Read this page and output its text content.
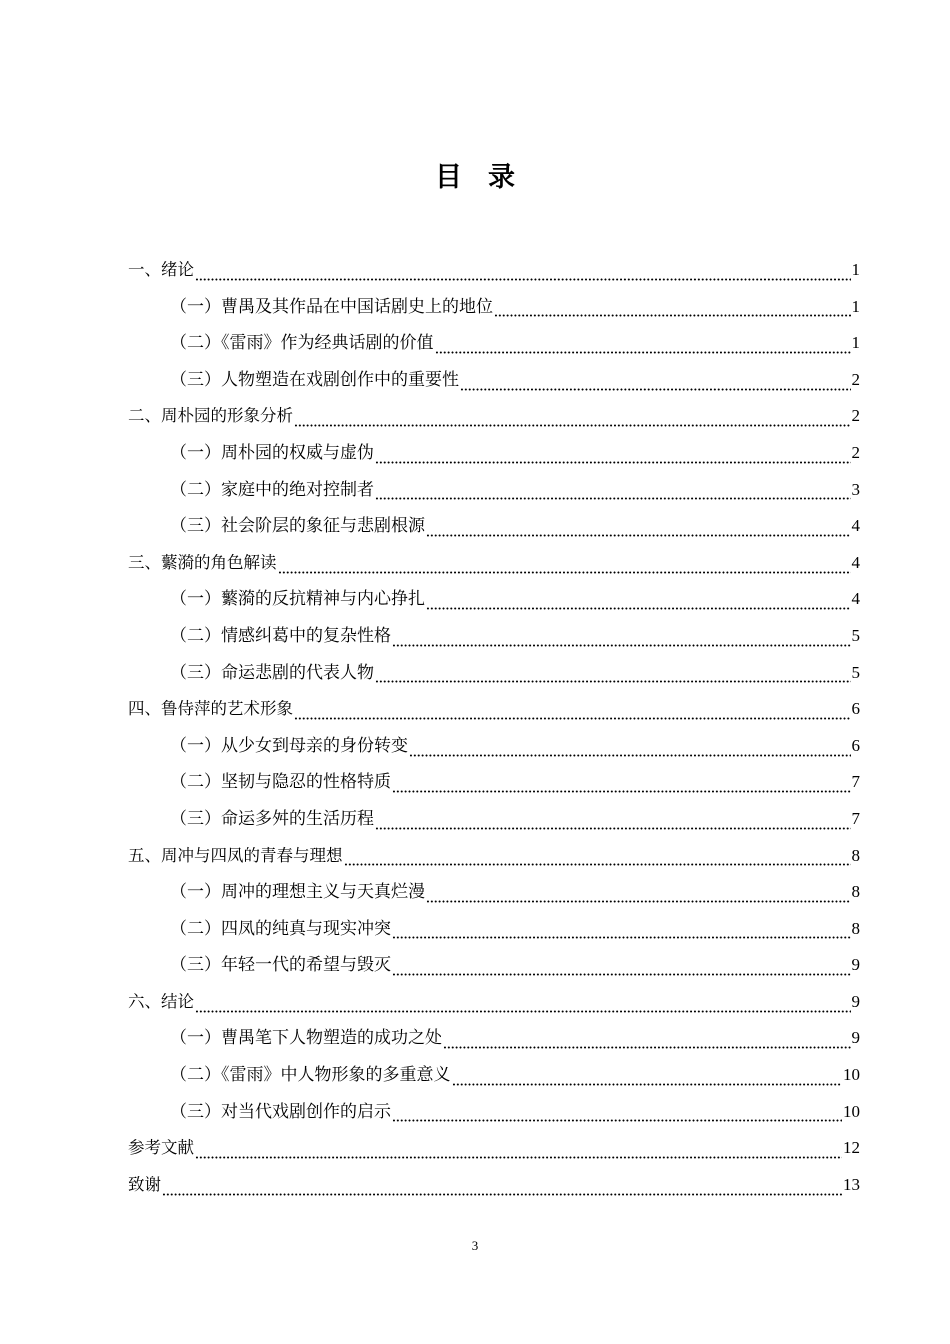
目录
一、绪论	1
（一）曹禺及其作品在中国话剧史上的地位	1
（二）《雷雨》作为经典话剧的价值	1
（三）人物塑造在戏剧创作中的重要性	2
二、周朴园的形象分析	2
（一）周朴园的权威与虚伪	2
（二）家庭中的绝对控制者	3
（三）社会阶层的象征与悲剧根源	4
三、蘩漪的角色解读	4
（一）蘩漪的反抗精神与内心挣扎	4
（二）情感纠葛中的复杂性格	5
（三）命运悲剧的代表人物	5
四、鲁侍萍的艺术形象	6
（一）从少女到母亲的身份转变	6
（二）坚韧与隐忍的性格特质	7
（三）命运多舛的生活历程	7
五、周冲与四凤的青春与理想	8
（一）周冲的理想主义与天真烂漫	8
（二）四凤的纯真与现实冲突	8
（三）年轻一代的希望与毁灭	9
六、结论	9
（一）曹禺笔下人物塑造的成功之处	9
（二）《雷雨》中人物形象的多重意义	10
（三）对当代戏剧创作的启示	10
参考文献	12
致谢	13
3
